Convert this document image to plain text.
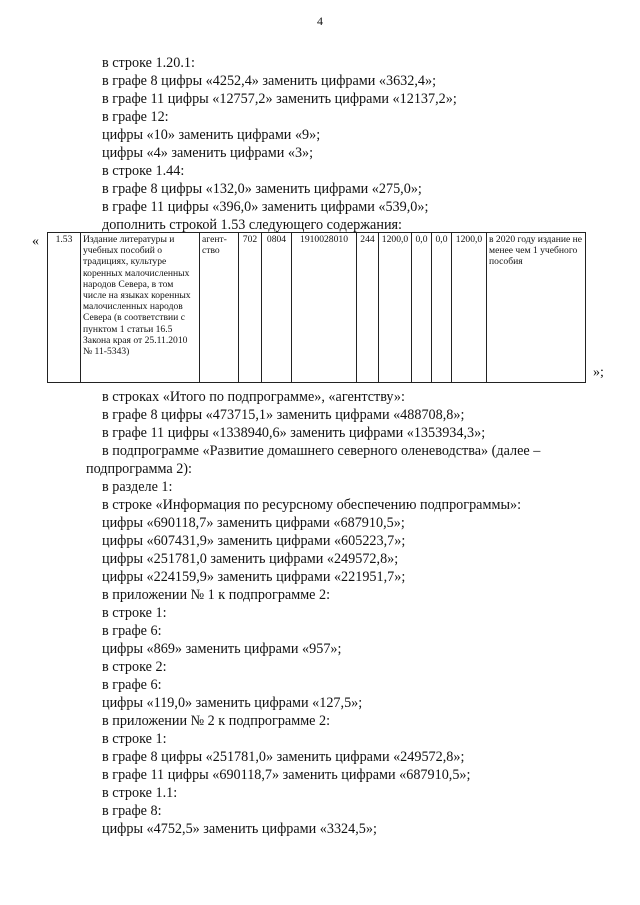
4
в строке 1.20.1:
в графе 8 цифры «4252,4» заменить цифрами «3632,4»;
в графе 11 цифры «12757,2» заменить цифрами «12137,2»;
в графе 12:
цифры «10» заменить цифрами «9»;
цифры «4» заменить цифрами «3»;
в строке 1.44:
в графе 8 цифры «132,0» заменить цифрами «275,0»;
в графе 11 цифры «396,0» заменить цифрами «539,0»;
дополнить строкой 1.53 следующего содержания:
« 1.53	Издание литературы и учебных пособий о традициях, культуре коренных малочисленных народов Севера, в том числе на языках коренных малочисленных народов Севера (в соответствии с пунктом 1 статьи 16.5 Закона края от 25.11.2010 № 11-5343)	агент-ство	702	0804	1910028010	244	1200,0	0,0	0,0	1200,0	в 2020 году издание не менее чем 1 учебного пособия
»;
в строках «Итого по подпрограмме», «агентству»:
в графе 8 цифры «473715,1» заменить цифрами «488708,8»;
в графе 11 цифры «1338940,6» заменить цифрами «1353934,3»;
в подпрограмме «Развитие домашнего северного оленеводства» (далее –
подпрограмма 2):
в разделе 1:
в строке «Информация по ресурсному обеспечению подпрограммы»:
цифры «690118,7» заменить цифрами «687910,5»;
цифры «607431,9» заменить цифрами «605223,7»;
цифры «251781,0 заменить цифрами «249572,8»;
цифры «224159,9» заменить цифрами «221951,7»;
в приложении № 1 к подпрограмме 2:
в строке 1:
в графе 6:
цифры «869» заменить цифрами «957»;
в строке 2:
в графе 6:
цифры «119,0» заменить цифрами «127,5»;
в приложении № 2 к подпрограмме 2:
в строке 1:
в графе 8 цифры «251781,0» заменить цифрами «249572,8»;
в графе 11 цифры «690118,7» заменить цифрами «687910,5»;
в строке 1.1:
в графе 8:
цифры «4752,5» заменить цифрами «3324,5»;
